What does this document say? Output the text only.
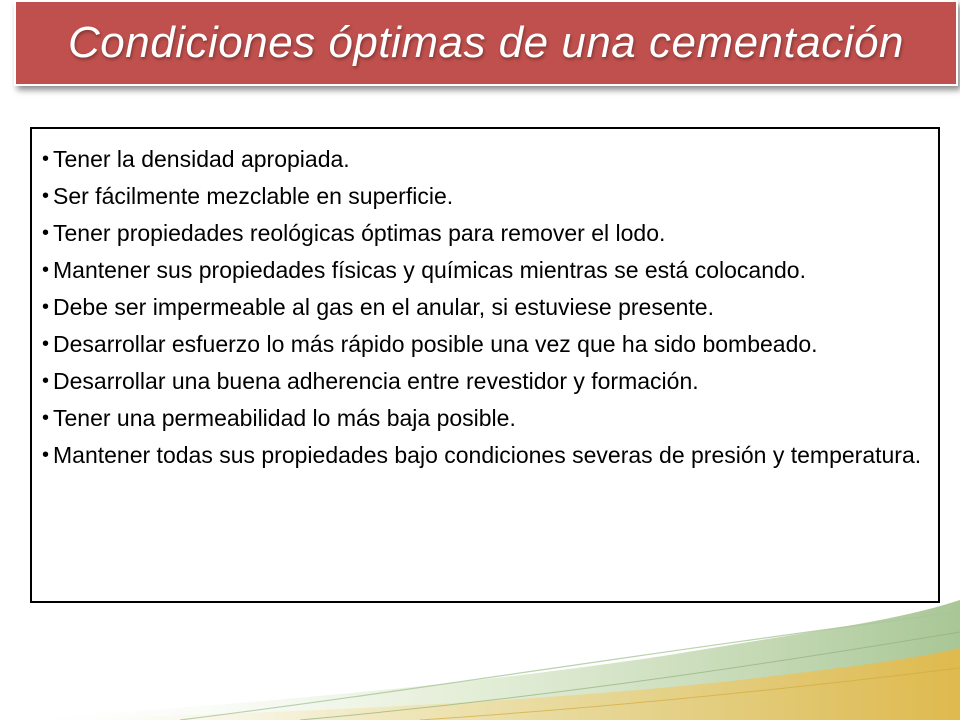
Condiciones óptimas de una cementación
• Tener la densidad apropiada.
• Ser fácilmente mezclable en superficie.
• Tener propiedades reológicas óptimas para remover el lodo.
• Mantener sus propiedades físicas y químicas mientras se está colocando.
• Debe ser impermeable al gas en el anular, si estuviese presente.
• Desarrollar esfuerzo lo más rápido posible una vez que ha sido bombeado.
• Desarrollar una buena adherencia entre revestidor y formación.
• Tener una permeabilidad lo más baja posible.
• Mantener todas sus propiedades bajo condiciones severas de presión y temperatura.
